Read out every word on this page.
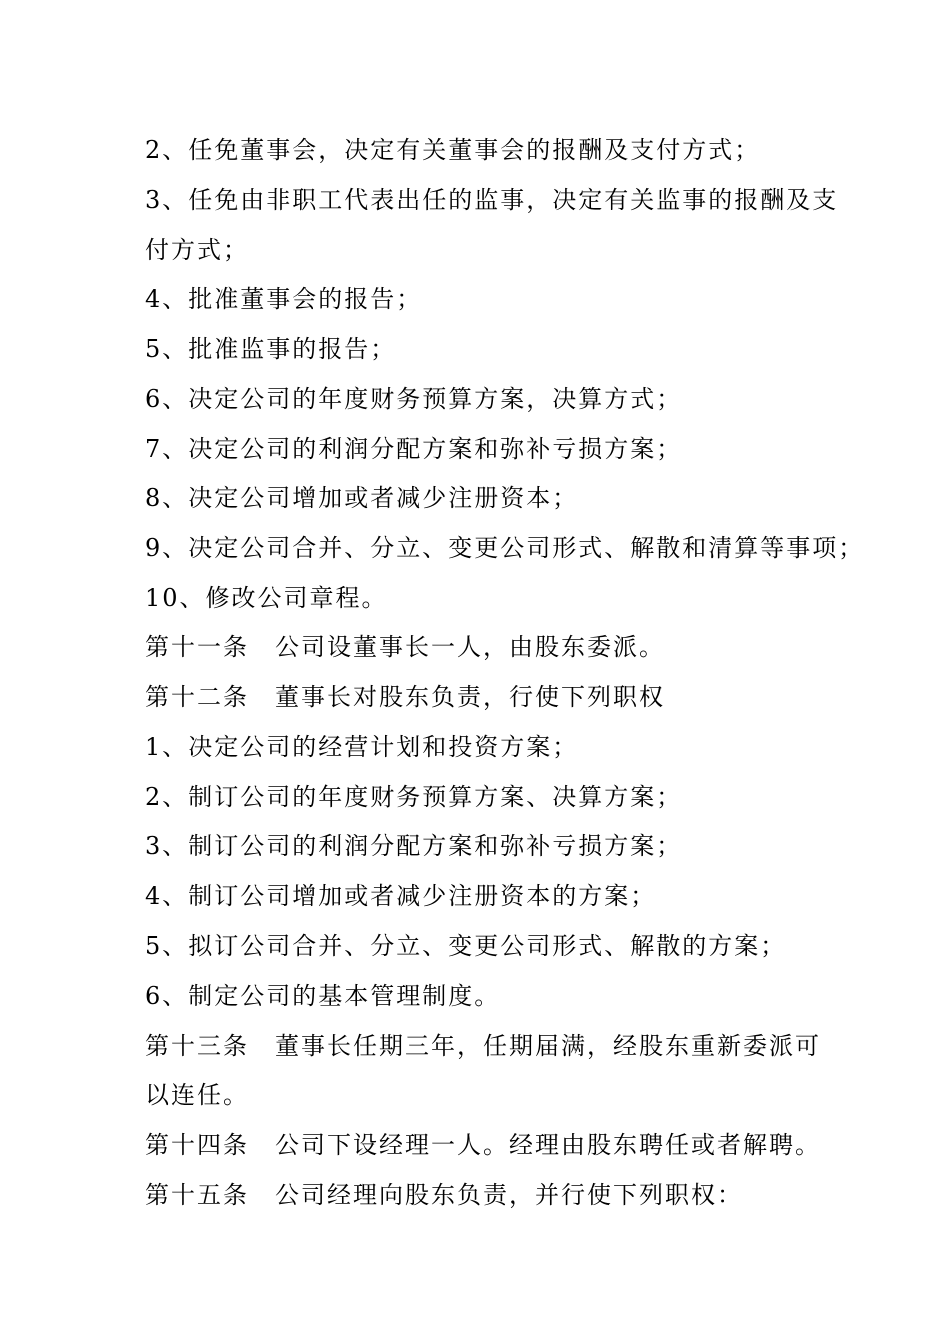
2、任免董事会，决定有关董事会的报酬及支付方式；
3、任免由非职工代表出任的监事，决定有关监事的报酬及支
付方式；
4、批准董事会的报告；
5、批准监事的报告；
6、决定公司的年度财务预算方案，决算方式；
7、决定公司的利润分配方案和弥补亏损方案；
8、决定公司增加或者减少注册资本；
9、决定公司合并、分立、变更公司形式、解散和清算等事项；
10、修改公司章程。
第十一条 公司设董事长一人，由股东委派。
第十二条 董事长对股东负责，行使下列职权
1、决定公司的经营计划和投资方案；
2、制订公司的年度财务预算方案、决算方案；
3、制订公司的利润分配方案和弥补亏损方案；
4、制订公司增加或者减少注册资本的方案；
5、拟订公司合并、分立、变更公司形式、解散的方案；
6、制定公司的基本管理制度。
第十三条 董事长任期三年，任期届满，经股东重新委派可
以连任。
第十四条 公司下设经理一人。经理由股东聘任或者解聘。
第十五条 公司经理向股东负责，并行使下列职权：
